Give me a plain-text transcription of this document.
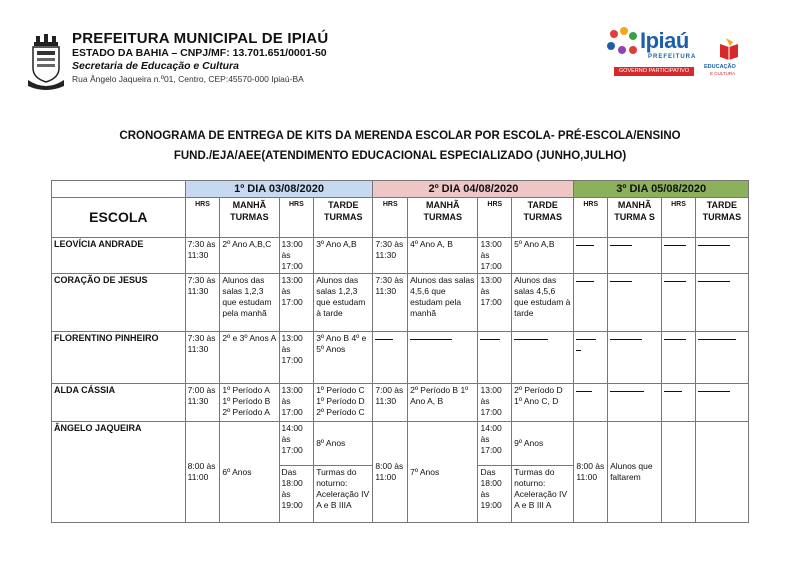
PREFEITURA MUNICIPAL DE IPIAÚ
ESTADO DA BAHIA – CNPJ/MF: 13.701.651/0001-50
Secretaria de Educação e Cultura
Rua Ângelo Jaqueira n.º01, Centro, CEP:45570-000 Ipiaú-BA
Ipiaú
PREFEITURA
GOVERNO PARTICIPATIVO
EDUCAÇÃO
E CULTURA
CRONOGRAMA DE ENTREGA DE KITS DA MERENDA ESCOLAR POR ESCOLA- PRÉ-ESCOLA/ENSINO
FUND./EJA/AEE(ATENDIMENTO EDUCACIONAL ESPECIALIZADO (JUNHO,JULHO)
	1º DIA 03/08/2020				2º DIA 04/08/2020				3º DIA 05/08/2020			
ESCOLA	HRS	MANHÃ TURMAS	HRS	TARDE TURMAS	HRS	MANHÃ TURMAS	HRS	TARDE TURMAS	HRS	MANHÃ TURMA S	HRS	TARDE TURMAS
LEOVÍCIA ANDRADE	7:30 às 11:30	2º Ano A,B,C	13:00 às 17:00	3º Ano A,B	7:30 às 11:30	4º Ano A, B	13:00 às 17:00	5º Ano A,B				
CORAÇÃO DE JESUS	7:30 às 11:30	Alunos das salas 1,2,3 que estudam pela manhã	13:00 às 17:00	Alunos das salas 1,2,3 que estudam à tarde	7:30 às 11:30	Alunos das salas 4,5,6 que estudam pela manhã	13:00 às 17:00	Alunos das salas 4,5,6 que estudam à tarde				
FLORENTINO PINHEIRO	7:30 às 11:30	2º e 3º Anos A	13:00 às 17:00	3º Ano B 4º e 5º Anos					

ALDA CÁSSIA	7:00 às 11:30	1º Período A 1º Período B 2º Período A	13:00 às 17:00	1º Período C 1º Período D 2º Período C	7:00 às 11:30	2º Período B 1º Ano A, B	13:00 às 17:00	2º Período D 1º Ano C, D				
ÂNGELO JAQUEIRA	8:00 às 11:00	6º Anos	14:00 às 17:00	8º Anos	8:00 às 11:00	7º Anos	14:00 às 17:00	9º Anos	8:00 às 11:00	Alunos que faltarem		
			Das 18:00 às 19:00	Turmas do noturno: Aceleração IV A e B IIIA			Das 18:00 às 19:00	Turmas do noturno: Aceleração IV A e B III A				
